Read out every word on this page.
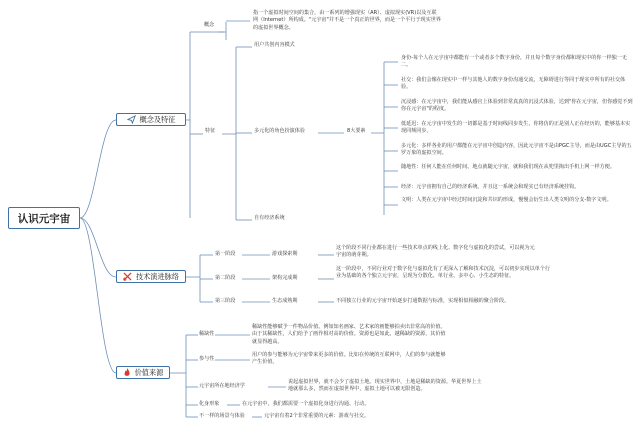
认识元宇宙
概念及特征
技术演进脉络
价值来源
概念
指一个虚拟时间空间的集合，由一系列的增强现实（AR）、虚拟现实(VR)以及互联网（Internet）所构成。"元宇宙"并不是一个真正的世界，而是一个平行于现实世界的虚拟世界概念。
特征
用户共创内容模式
多元化的角色扮演体验	8大要素
自有经济系统
身份-每个人在元宇宙中都能有一个或者多个数字身份，并且每个数字身份都和现实中的你一样独一无二。
社交：我们会像在现实中一样与其他人的数字身份沟通交流，无障碍进行等同于现实中所有的社交体验。
沉浸感：在元宇宙中，我们能从感官上体验到非常真真的沉浸式体验，达到"你在元宇宙，但你感觉不到你在元宇宙"的程度。
低延迟：在元宇宙中发生的一切都是基于时间线同步发生，你将仿的正是别人正在经历的，能够基本实现同频同步。
多元化：多样各业的用户都能在元宇宙中创造内容，因此元宇宙不是由PGC主导，而是由UGC主导的五罗万象的虚拟空间。
随地性：任何人能在任何时间、地点就随元宇宙，就和我们现在从兜里掏出手机上网一样方便。
经济：元宇宙拥有自己的经济系统，并且这一系统会和现实已有经济系统挂钩。
文明：人类在元宇宙中经过时间沉淀和共识的形成，慢慢会衍生出人类文明的分支-数字文明。
第一阶段	游戏探索期
这个阶段不同行业都在进行一些技术单点的线上化、数字化与虚拟化的尝试，可以视为元宇宙的萌芽期。
第二阶段	架构完成期
这一阶段中，不同行业对于数字化与虚拟化有了更深入了解和技术沉淀，可以初步实现以单个行业为基础的各个独立元宇宙，呈现为分散化、单行业、多中心、小生态的特征。
第三阶段	生态成熟期	不同独立行业的元宇宙开始逐步打通数据与标准，实现相似相融的聚合阶段。
稀缺性
稀缺性能够赋予一件物品价值。例如知名画家、艺术家的画能够拍卖出非常高的价值。由于其稀缺性，人们给予了画作相对高的价值。资源也是如此，越稀缺的资源，其价值就显得越高。
参与性
用户的参与能够为元宇宙带来更多的价值。比如在传统的互联网中，人们的参与就能够产生价值。
元宇宙所在地经济学
说起虚拟世界，就不会少了虚拟土地。现实世界中，土地是稀缺的资源。华夏世界上土地就那么多，然而在虚拟世界中，虚拟土地可以被无限创造。
化身形象	在元宇宙中，我们都需要一个虚拟化身进行沟通、行动。
不一样的场景与体验	元宇宙有着2个非常重要的元素：游戏与社交。
